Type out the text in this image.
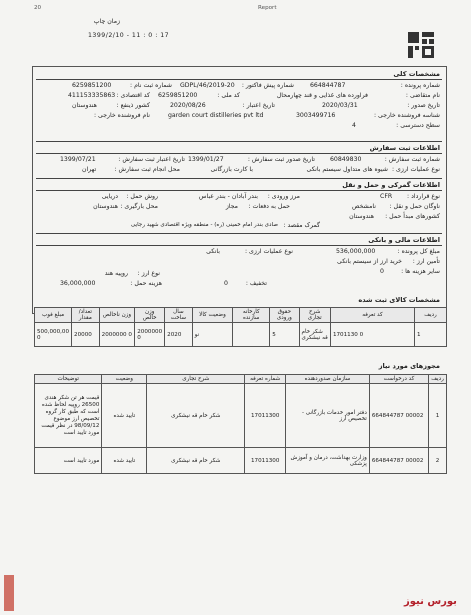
20	Report
زمان چاپ
1399/2/10 - 11 : 0 : 17
مشخصات کلی
شماره پرونده :
664844787
شماره پیش فاکتور :
GDPL/46/2019-20
شماره ثبت نام :
6259851200
نام متقاضی :
فراورده های غذایی و قند چهارمحال
کد ملی :
6259851200
کد اقتصادی :
411153335863
تاریخ صدور :
2020/03/31
تاریخ اعتبار :
2020/08/26
کشور ذینفع :
هندوستان
شناسه فروشنده خارجی :
3003499716
garden court distilleries pvt ltd
نام فروشنده خارجی :
سطح دسترسی :
4
اطلاعات ثبت سفارش
شماره ثبت سفارش :
60849830
تاریخ صدور ثبت سفارش :
1399/01/27
تاریخ اعتبار ثبت سفارش :
1399/07/21
نوع عملیات ارزی :
شیوه های متداول سیستم بانکی
با کارت بازرگانی
محل انجام ثبت سفارش :
تهران
اطلاعات گمرکی و حمل و نقل
نوع قرارداد :
CFR
مرز ورودی :
بندر آبادان - بندر عباس
روش حمل :
دریایی
ناوگان حمل و نقل :
نامشخص
حمل به دفعات :
مجاز
محل بارگیری :
هندوستان
کشورهای مبدأ حمل :
هندوستان
گمرک مقصد :
صادی بندر امام خمینی (ره) - منطقه ویژه اقتصادی شهید رجایی
اطلاعات مالی و بانکی
مبلغ کل پرونده :
536,000,000
نوع عملیات ارزی :
بانکی
تأمین ارز :
خرید ارز از سیستم بانکی
نوع ارز :
روپیه هند	سایر هزینه ها :
0
تخفیف :
0
هزینه حمل :
36,000,000
مشخصات کالای ثبت شده
مبلغ فوب	تعداد/مقدار	وزن ناخالص	وزن خالص	سال ساخت	وضعیت کالا	کارخانه سازنده	حقوق ورودی	شرح تجاری	کد تعرفه	ردیف
500,000,00 0	20000	2000000 0	2000000 0	2020	نو		5	شکر خام قه نیشکری	1701130 0	1
مجوزهای مورد نیاز
توضیحات	وضعیت	شرح تجاری	شماره تعرفه	سازمان صدوردهنده	کد درخواست	ردیف
قیمت هر تن شکر هندی 26500 روپیه لحاظ شده است که طبق کار گروه تخصیص ارز موضوع 98/09/12 در نظر قیمت مورد تایید است	تایید شده	شکر خام قه نیشکری	17011300	دفتر امور خدمات بازرگانی - تخصیص ارز	664844787 00002	1
مورد تایید است	تایید شده	شکر خام قه نیشکری	17011300	وزارت بهداشت، درمان و آموزش پزشکی	664844787 00002	2
بورس نیوز
